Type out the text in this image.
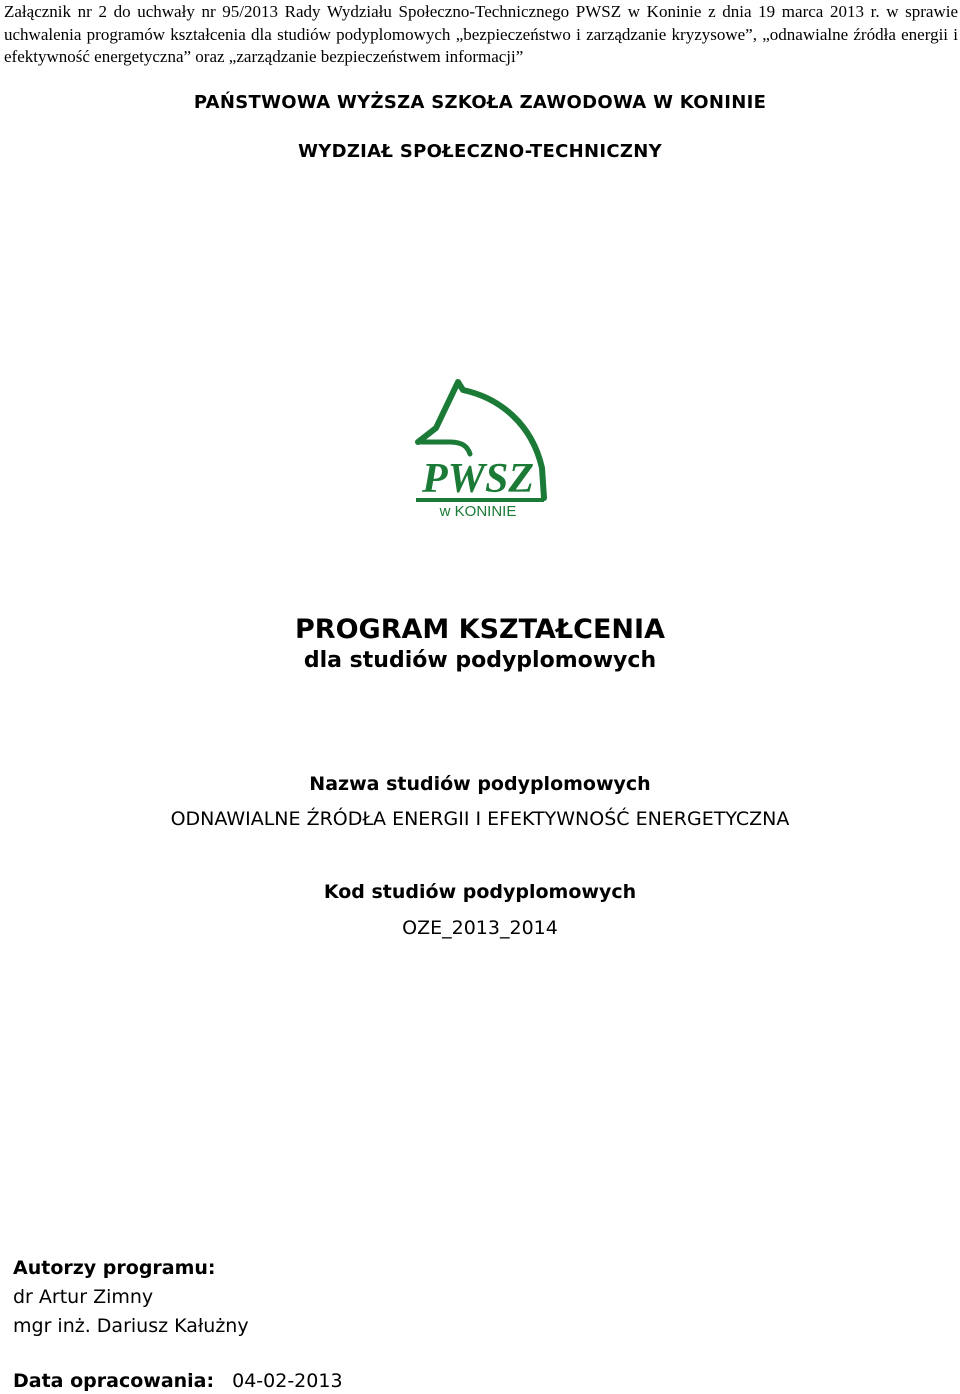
Załącznik nr 2 do uchwały nr 95/2013 Rady Wydziału Społeczno-Technicznego PWSZ w Koninie z dnia 19 marca 2013 r. w sprawie uchwalenia programów kształcenia dla studiów podyplomowych „bezpieczeństwo i zarządzanie kryzysowe”, „odnawialne źródła energii i efektywność energetyczna” oraz „zarządzanie bezpieczeństwem informacji”

PAŃSTWOWA WYŻSZA SZKOŁA ZAWODOWA W KONINIE

WYDZIAŁ SPOŁECZNO-TECHNICZNY

PWSZ
w KONINIE

PROGRAM KSZTAŁCENIA

dla studiów podyplomowych

Nazwa studiów podyplomowych

ODNAWIALNE ŹRÓDŁA ENERGII I EFEKTYWNOŚĆ ENERGETYCZNA

Kod studiów podyplomowych

OZE_2013_2014

Autorzy programu:
dr Artur Zimny
mgr inż. Dariusz Kałużny
Data opracowania: 04-02-2013
